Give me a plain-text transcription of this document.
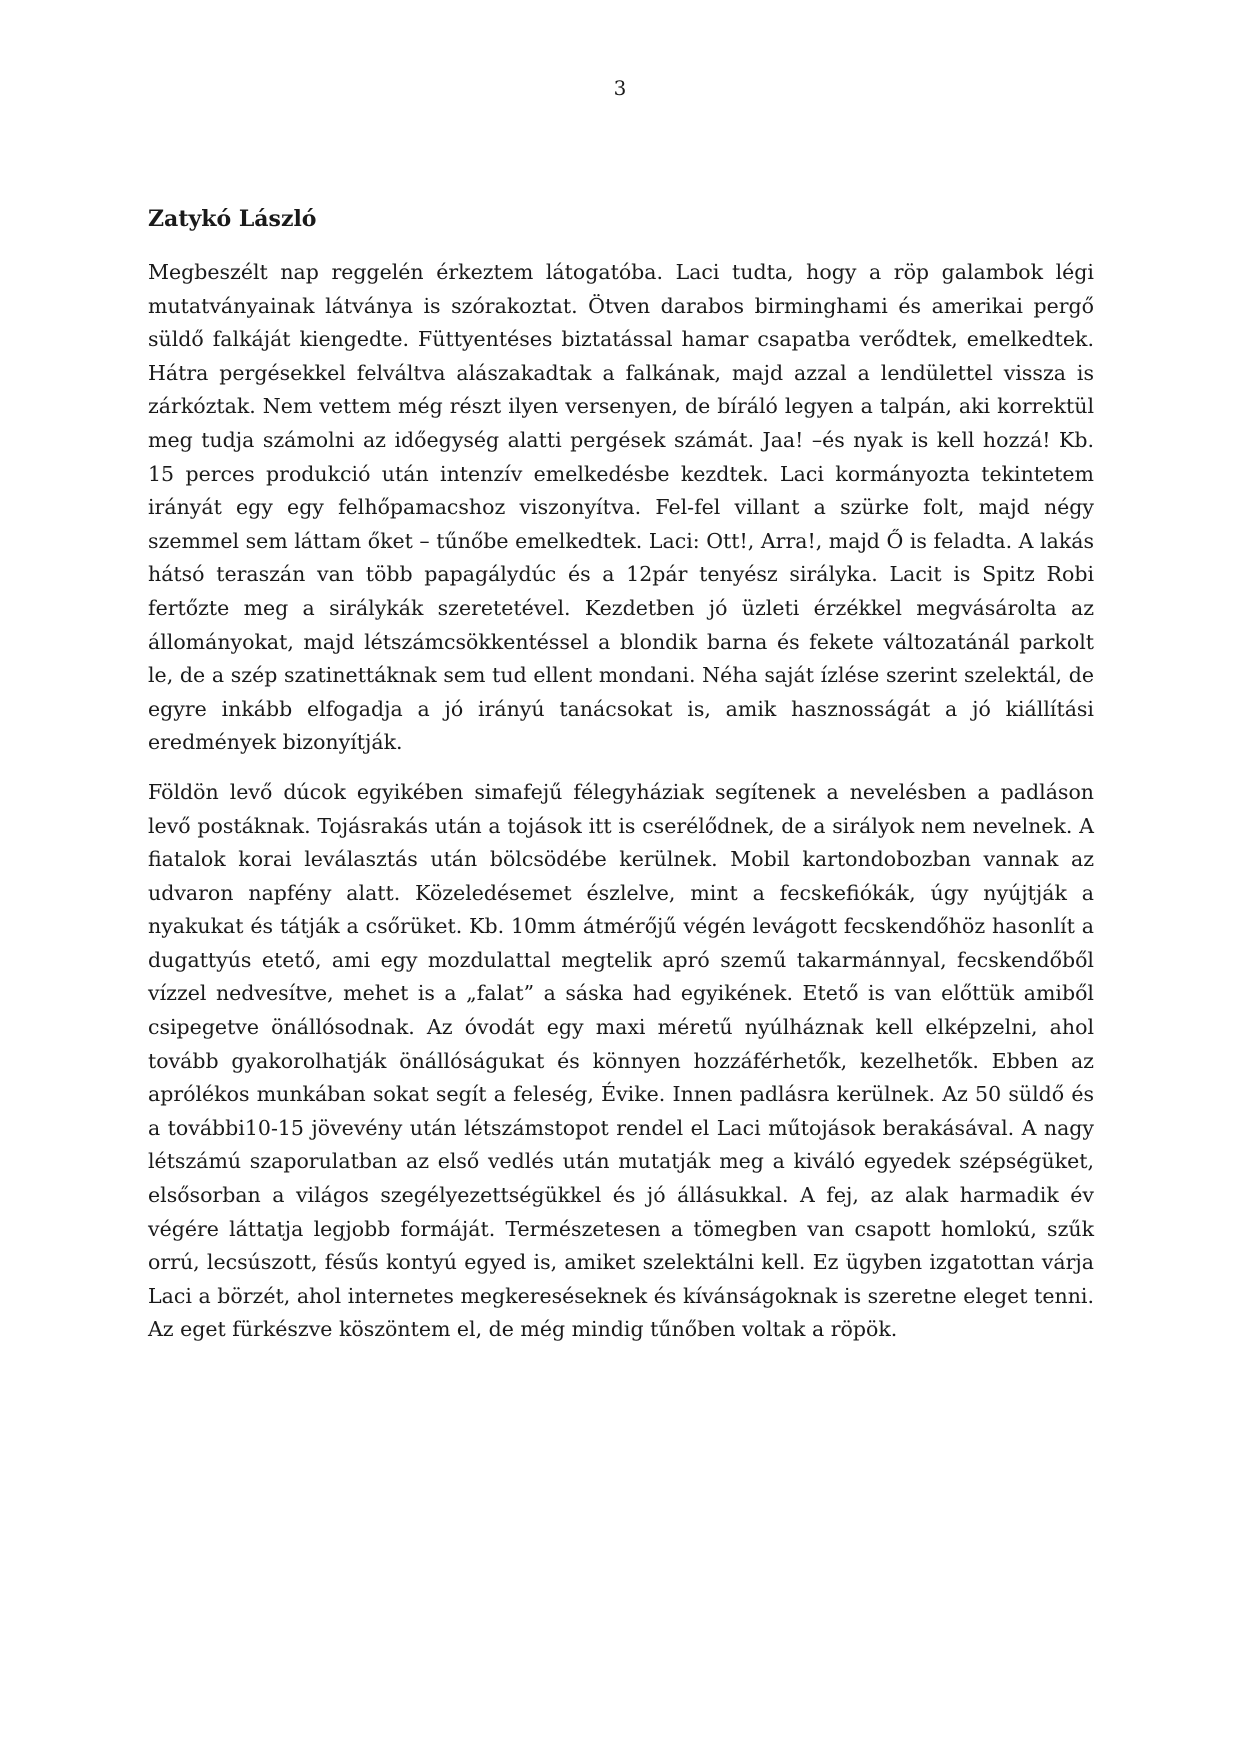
3
Zatykó László

Megbeszélt nap reggelén érkeztem látogatóba. Laci tudta, hogy a röp galambok légi mutatványainak látványa is szórakoztat. Ötven darabos birminghami és amerikai pergő süldő falkáját kiengedte. Füttyentéses biztatással hamar csapatba verődtek, emelkedtek. Hátra pergésekkel felváltva alászakadtak a falkának, majd azzal a lendülettel vissza is zárkóztak. Nem vettem még részt ilyen versenyen, de bíráló legyen a talpán, aki korrektül meg tudja számolni az időegység alatti pergések számát. Jaa! –és nyak is kell hozzá! Kb. 15 perces produkció után intenzív emelkedésbe kezdtek. Laci kormányozta tekintetem irányát egy egy felhőpamacshoz viszonyítva. Fel-fel villant a szürke folt, majd négy szemmel sem láttam őket – tűnőbe emelkedtek. Laci: Ott!, Arra!, majd Ő is feladta. A lakás hátsó teraszán van több papagálydúc és a 12pár tenyész sirályka. Lacit is Spitz Robi fertőzte meg a sirálykák szeretetével. Kezdetben jó üzleti érzékkel megvásárolta az állományokat, majd létszámcsökkentéssel a blondik barna és fekete változatánál parkolt le, de a szép szatinettáknak sem tud ellent mondani. Néha saját ízlése szerint szelektál, de egyre inkább elfogadja a jó irányú tanácsokat is, amik hasznosságát a jó kiállítási eredmények bizonyítják.

Földön levő dúcok egyikében simafejű félegyháziak segítenek a nevelésben a padláson levő postáknak. Tojásrakás után a tojások itt is cserélődnek, de a sirályok nem nevelnek. A fiatalok korai leválasztás után bölcsödébe kerülnek. Mobil kartondobozban vannak az udvaron napfény alatt. Közeledésemet észlelve, mint a fecskefiókák, úgy nyújtják a nyakukat és tátják a csőrüket. Kb. 10mm átmérőjű végén levágott fecskendőhöz hasonlít a dugattyús etető, ami egy mozdulattal megtelik apró szemű takarmánnyal, fecskendőből vízzel nedvesítve, mehet is a „falat” a sáska had egyikének. Etető is van előttük amiből csipegetve önállósodnak. Az óvodát egy maxi méretű nyúlháznak kell elképzelni, ahol tovább gyakorolhatják önállóságukat és könnyen hozzáférhetők, kezelhetők. Ebben az aprólékos munkában sokat segít a feleség, Évike. Innen padlásra kerülnek. Az 50 süldő és a további10-15 jövevény után létszámstopot rendel el Laci műtojások berakásával. A nagy létszámú szaporulatban az első vedlés után mutatják meg a kiváló egyedek szépségüket, elsősorban a világos szegélyezettségükkel és jó állásukkal. A fej, az alak harmadik év végére láttatja legjobb formáját. Természetesen a tömegben van csapott homlokú, szűk orrú, lecsúszott, fésűs kontyú egyed is, amiket szelektálni kell. Ez ügyben izgatottan várja Laci a börzét, ahol internetes megkereséseknek és kívánságoknak is szeretne eleget tenni. Az eget fürkészve köszöntem el, de még mindig tűnőben voltak a röpök.
